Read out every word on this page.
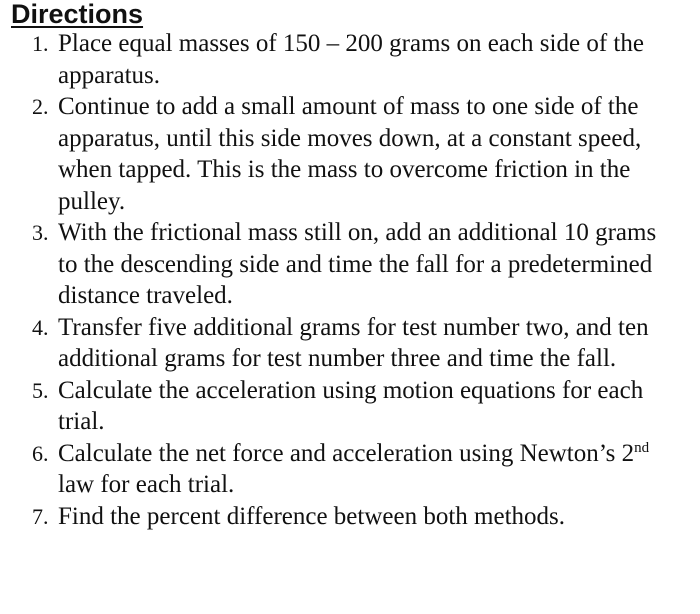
Directions
1. Place equal masses of 150 – 200 grams on each side of the apparatus.
2. Continue to add a small amount of mass to one side of the apparatus, until this side moves down, at a constant speed, when tapped. This is the mass to overcome friction in the pulley.
3. With the frictional mass still on, add an additional 10 grams to the descending side and time the fall for a predetermined distance traveled.
4. Transfer five additional grams for test number two, and ten additional grams for test number three and time the fall.
5. Calculate the acceleration using motion equations for each trial.
6. Calculate the net force and acceleration using Newton’s 2nd law for each trial.
7. Find the percent difference between both methods.
